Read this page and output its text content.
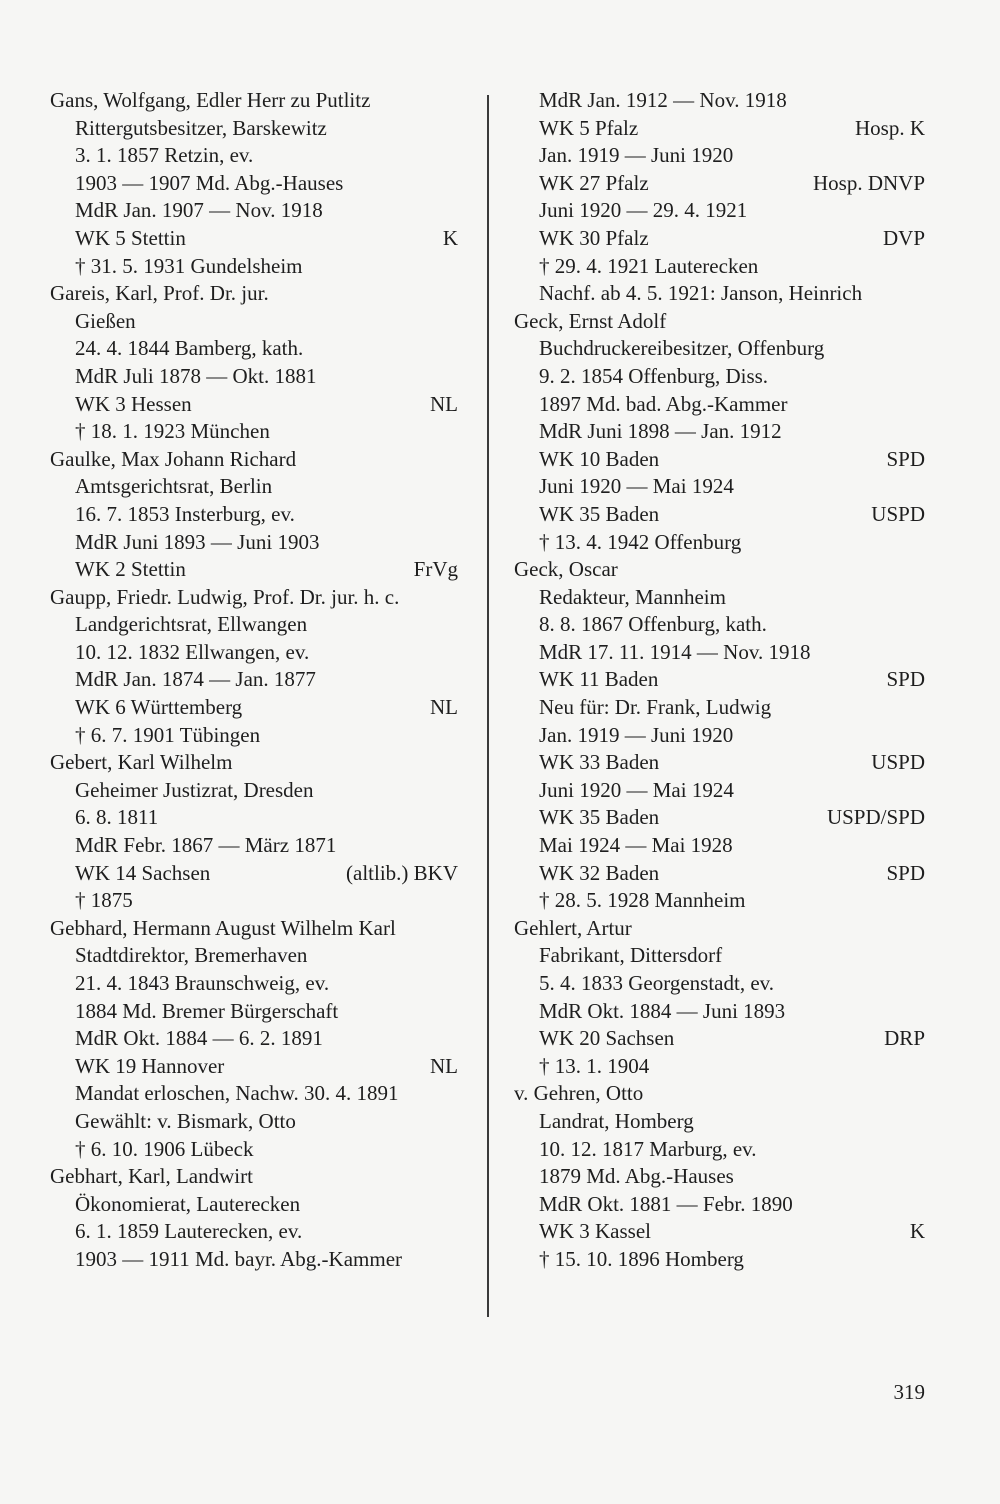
Gans, Wolfgang, Edler Herr zu Putlitz
Rittergutsbesitzer, Barskewitz
3. 1. 1857 Retzin, ev.
1903 — 1907 Md. Abg.-Hauses
MdR Jan. 1907 — Nov. 1918
WK 5 Stettin	K
† 31. 5. 1931 Gundelsheim
Gareis, Karl, Prof. Dr. jur.
Gießen
24. 4. 1844 Bamberg, kath.
MdR Juli 1878 — Okt. 1881
WK 3 Hessen	NL
† 18. 1. 1923 München
Gaulke, Max Johann Richard
Amtsgerichtsrat, Berlin
16. 7. 1853 Insterburg, ev.
MdR Juni 1893 — Juni 1903
WK 2 Stettin	FrVg
Gaupp, Friedr. Ludwig, Prof. Dr. jur. h. c.
Landgerichtsrat, Ellwangen
10. 12. 1832 Ellwangen, ev.
MdR Jan. 1874 — Jan. 1877
WK 6 Württemberg	NL
† 6. 7. 1901 Tübingen
Gebert, Karl Wilhelm
Geheimer Justizrat, Dresden
6. 8. 1811
MdR Febr. 1867 — März 1871
WK 14 Sachsen	(altlib.) BKV
† 1875
Gebhard, Hermann August Wilhelm Karl
Stadtdirektor, Bremerhaven
21. 4. 1843 Braunschweig, ev.
1884 Md. Bremer Bürgerschaft
MdR Okt. 1884 — 6. 2. 1891
WK 19 Hannover	NL
Mandat erloschen, Nachw. 30. 4. 1891
Gewählt: v. Bismark, Otto
† 6. 10. 1906 Lübeck
Gebhart, Karl, Landwirt
Ökonomierat, Lauterecken
6. 1. 1859 Lauterecken, ev.
1903 — 1911 Md. bayr. Abg.-Kammer
MdR Jan. 1912 — Nov. 1918
WK 5 Pfalz	Hosp. K
Jan. 1919 — Juni 1920
WK 27 Pfalz	Hosp. DNVP
Juni 1920 — 29. 4. 1921
WK 30 Pfalz	DVP
† 29. 4. 1921 Lauterecken
Nachf. ab 4. 5. 1921: Janson, Heinrich
Geck, Ernst Adolf
Buchdruckereibesitzer, Offenburg
9. 2. 1854 Offenburg, Diss.
1897 Md. bad. Abg.-Kammer
MdR Juni 1898 — Jan. 1912
WK 10 Baden	SPD
Juni 1920 — Mai 1924
WK 35 Baden	USPD
† 13. 4. 1942 Offenburg
Geck, Oscar
Redakteur, Mannheim
8. 8. 1867 Offenburg, kath.
MdR 17. 11. 1914 — Nov. 1918
WK 11 Baden	SPD
Neu für: Dr. Frank, Ludwig
Jan. 1919 — Juni 1920
WK 33 Baden	USPD
Juni 1920 — Mai 1924
WK 35 Baden	USPD/SPD
Mai 1924 — Mai 1928
WK 32 Baden	SPD
† 28. 5. 1928 Mannheim
Gehlert, Artur
Fabrikant, Dittersdorf
5. 4. 1833 Georgenstadt, ev.
MdR Okt. 1884 — Juni 1893
WK 20 Sachsen	DRP
† 13. 1. 1904
v. Gehren, Otto
Landrat, Homberg
10. 12. 1817 Marburg, ev.
1879 Md. Abg.-Hauses
MdR Okt. 1881 — Febr. 1890
WK 3 Kassel	K
† 15. 10. 1896 Homberg
319
